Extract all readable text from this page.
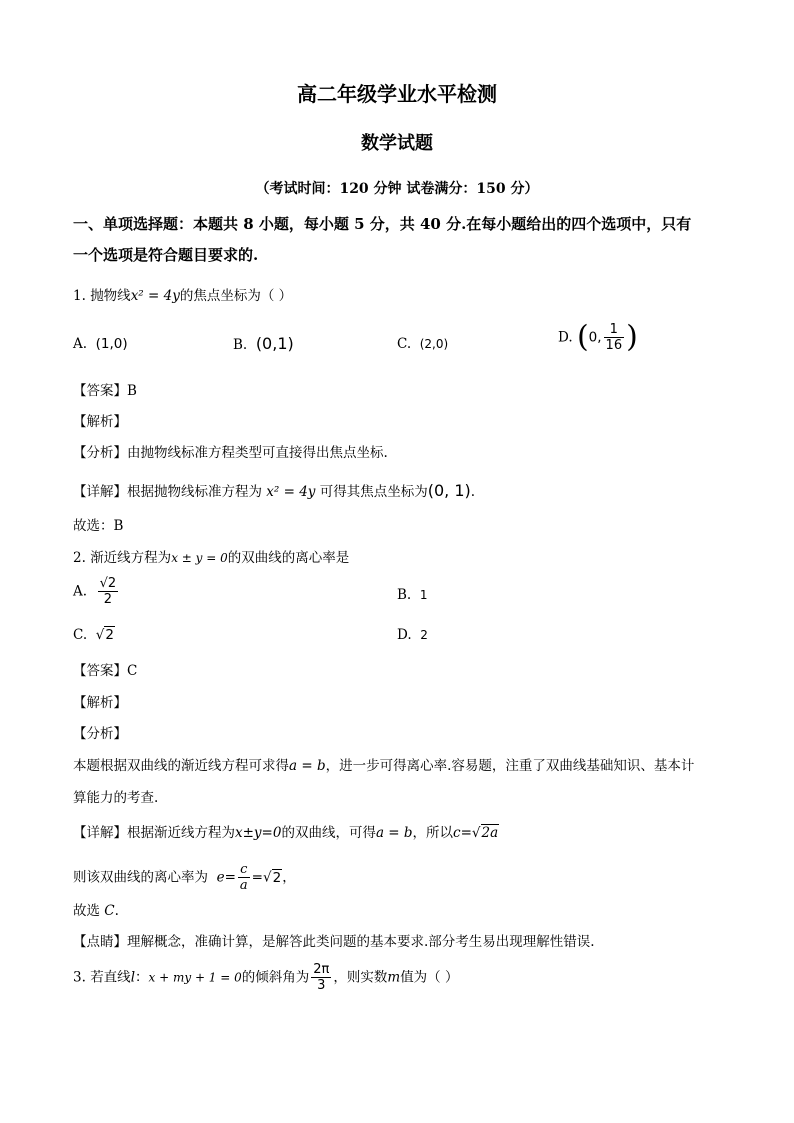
高二年级学业水平检测
数学试题
（考试时间：120 分钟 试卷满分：150 分）
一、单项选择题：本题共 8 小题，每小题 5 分，共 40 分.在每小题给出的四个选项中，只有
一个选项是符合题目要求的.
1. 抛物线x² = 4y的焦点坐标为（ ）
A. (1,0)	B. (0,1)	C. (2,0)	D. (0, $\frac{1}{16}$ )
【答案】B
【解析】
【分析】由抛物线标准方程类型可直接得出焦点坐标.
【详解】根据抛物线标准方程为 x² = 4y 可得其焦点坐标为(0, 1).
故选：B
2. 渐近线方程为x ± y = 0的双曲线的离心率是
A. $\frac{√2}{2}$	B. 1
C. √2	D. 2
【答案】C
【解析】
【分析】
本题根据双曲线的渐近线方程可求得a = b，进一步可得离心率.容易题，注重了双曲线基础知识、基本计
算能力的考查.
【详解】根据渐近线方程为x±y=0的双曲线，可得a = b，所以c=√2a
则该双曲线的离心率为 $e= \frac{c}{a} =√2$，
故选 C.
【点睛】理解概念，准确计算，是解答此类问题的基本要求.部分考生易出现理解性错误.
3. 若直线l：x + my + 1 = 0的倾斜角为 $\frac{2\pi}{3}$ ，则实数m值为（ ）
